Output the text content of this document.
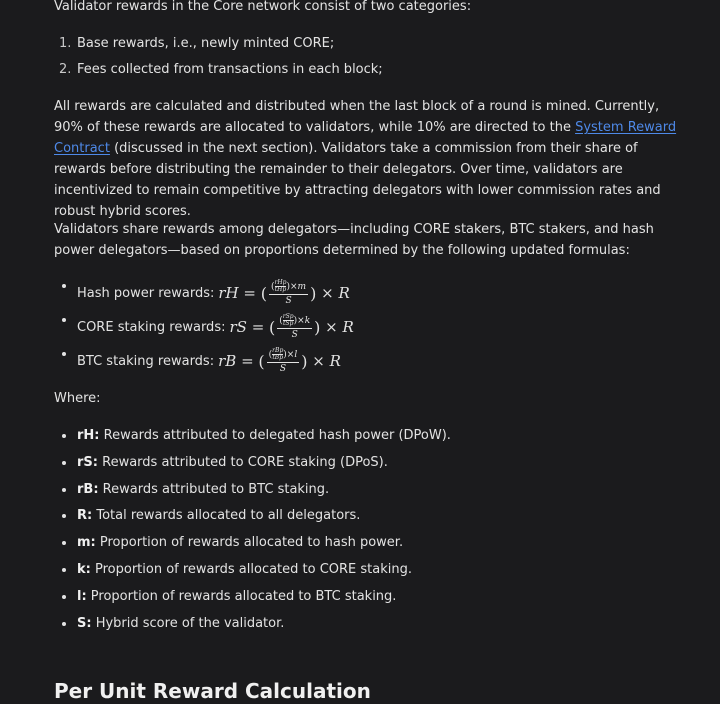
Validator rewards in the Core network consist of two categories:

1. Base rewards, i.e., newly minted CORE;
2. Fees collected from transactions in each block;

All rewards are calculated and distributed when the last block of a round is mined. Currently, 90% of these rewards are allocated to validators, while 10% are directed to the System Reward Contract (discussed in the next section). Validators take a commission from their share of rewards before distributing the remainder to their delegators. Over time, validators are incentivized to remain competitive by attracting delegators with lower commission rates and robust hybrid scores.

Validators share rewards among delegators—including CORE stakers, BTC stakers, and hash power delegators—based on proportions determined by the following updated formulas:

Hash power rewards: rH = ( ( rHp
tHp )× m
S ) × R
CORE staking rewards: rS = ( ( rSp
tSp )× k
S ) × R
BTC staking rewards: rB = ( ( rBp
tBp )× l
S ) × R

Where:

rH: Rewards attributed to delegated hash power (DPoW).
rS: Rewards attributed to CORE staking (DPoS).
rB: Rewards attributed to BTC staking.
R: Total rewards allocated to all delegators.
m: Proportion of rewards allocated to hash power.
k: Proportion of rewards allocated to CORE staking.
l: Proportion of rewards allocated to BTC staking.
S: Hybrid score of the validator.
Per Unit Reward Calculation
